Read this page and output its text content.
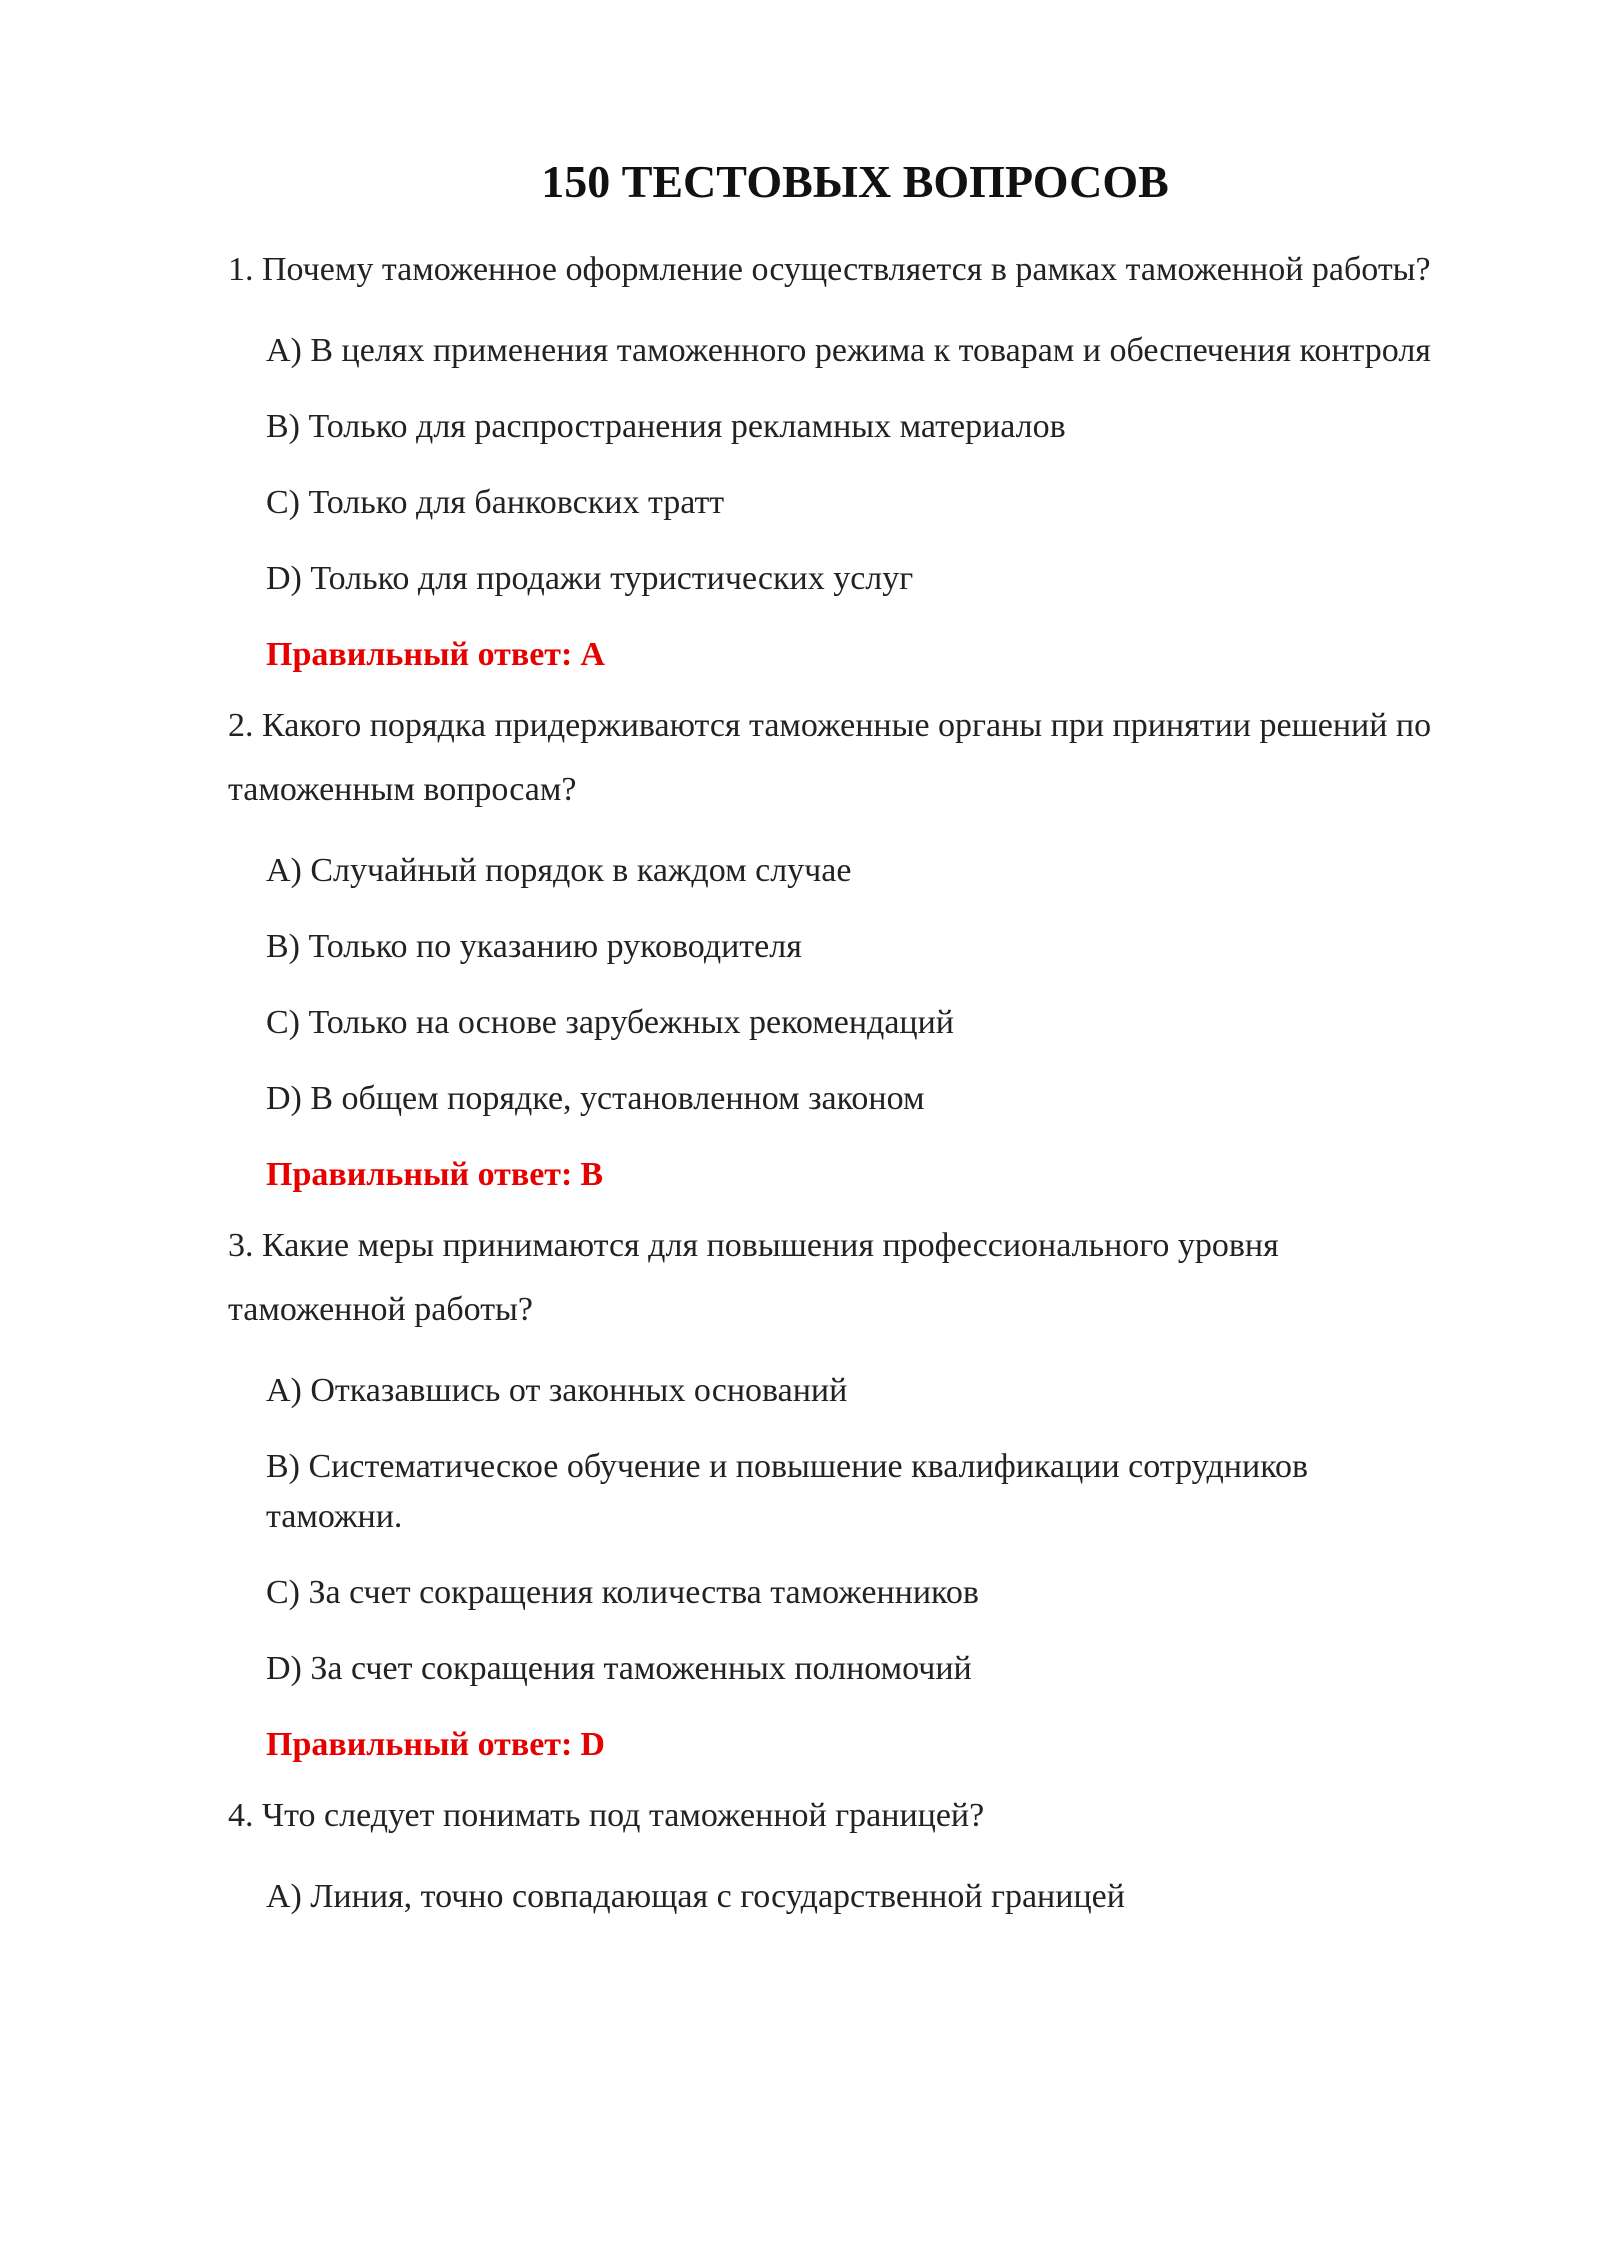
150 ТЕСТОВЫХ ВОПРОСОВ

1. Почему таможенное оформление осуществляется в рамках таможенной работы?

A) В целях применения таможенного режима к товарам и обеспечения контроля
B) Только для распространения рекламных материалов
C) Только для банковских тратт
D) Только для продажи туристических услуг

Правильный ответ: A

2. Какого порядка придерживаются таможенные органы при принятии решений по таможенным вопросам?

A) Случайный порядок в каждом случае
B) Только по указанию руководителя
C) Только на основе зарубежных рекомендаций
D) В общем порядке, установленном законом

Правильный ответ: B

3. Какие меры принимаются для повышения профессионального уровня таможенной работы?

A) Отказавшись от законных оснований
B) Систематическое обучение и повышение квалификации сотрудников таможни.
C) За счет сокращения количества таможенников
D) За счет сокращения таможенных полномочий

Правильный ответ: D

4. Что следует понимать под таможенной границей?

A) Линия, точно совпадающая с государственной границей
